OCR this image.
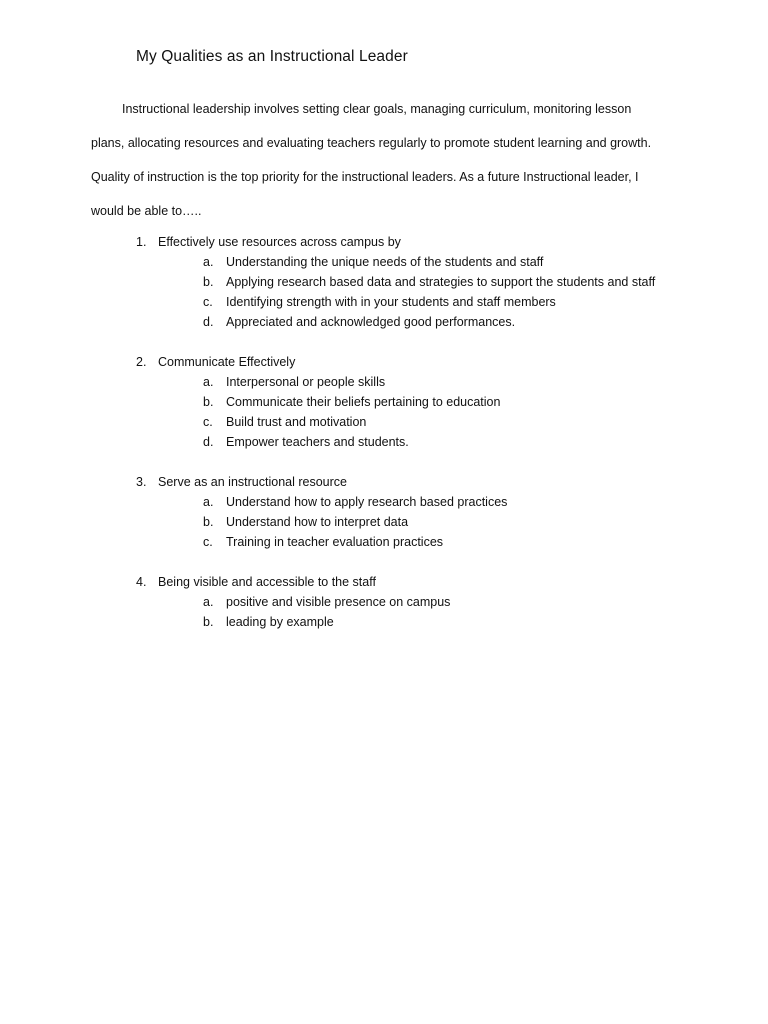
My Qualities as an Instructional Leader
Instructional leadership involves setting clear goals, managing curriculum, monitoring lesson
plans, allocating resources and evaluating teachers regularly to promote student learning and growth.
Quality of instruction is the top priority for the instructional leaders. As a future Instructional leader, I
would be able to…..
1. Effectively use resources across campus by
a. Understanding the unique needs of the students and staff
b. Applying research based data and strategies to support the students and staff
c. Identifying strength with in your students and staff members
d. Appreciated and acknowledged good performances.
2. Communicate Effectively
a. Interpersonal or people skills
b. Communicate their beliefs pertaining to education
c. Build trust and motivation
d. Empower teachers and students.
3. Serve as an instructional resource
a. Understand how to apply research based practices
b. Understand how to interpret data
c. Training in teacher evaluation practices
4. Being visible and accessible to the staff
a. positive and visible presence on campus
b. leading by example
